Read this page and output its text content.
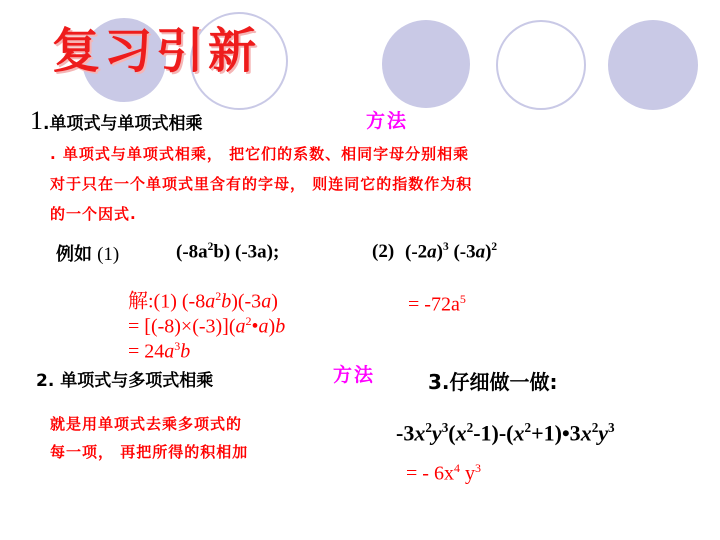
复习引新
1.单项式与单项式相乘	方法
. 单项式与单项式相乘， 把它们的系数、相同字母分别相乘
对于只在一个单项式里含有的字母， 则连同它的指数作为积
的一个因式.
例如 (1)	$(-8a^2b)$ (-3a);	(2) $(-2a)^3$ $(-3a)^2$
解:(1) $(-8a^2b)(-3a)$
= $[(-8)\times(-3)](a^2•a)b$
= $24a^3b$
= $-72a^5$
2. 单项式与多项式相乘	方法
就是用单项式去乘多项式的
每一项， 再把所得的积相加
3.仔细做一做:
$-3x^2y^3(x^2-1)-(x^2+1)•3x^2y^3$
= - $6x^4$ $y^3$
